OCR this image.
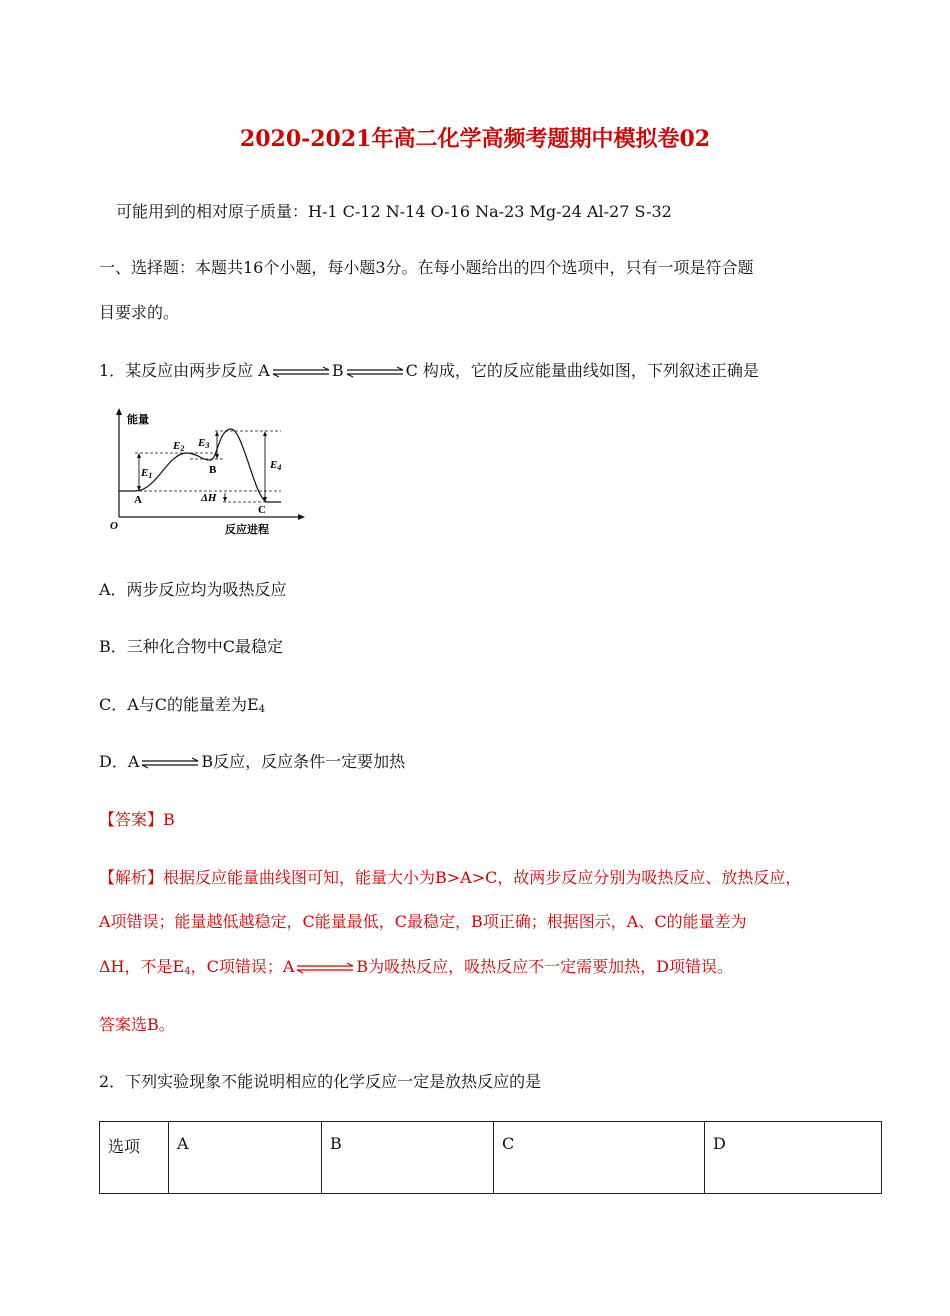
2020-2021年高二化学高频考题期中模拟卷02
可能用到的相对原子质量：H-1 C-12 N-14 O-16 Na-23 Mg-24 Al-27 S-32
一、选择题：本题共16个小题，每小题3分。在每小题给出的四个选项中，只有一项是符合题
目要求的。
1．某反应由两步反应 A⇌B⇌C 构成，它的反应能量曲线如图，下列叙述正确是
能量
反应进程
O
A
B
C
E1
E2 E3
E4
ΔH
A．两步反应均为吸热反应
B．三种化合物中C最稳定
C．A与C的能量差为$E_4$
D．A⇌B反应，反应条件一定要加热
【答案】B
【解析】根据反应能量曲线图可知，能量大小为B>A>C，故两步反应分别为吸热反应、放热反应，
A项错误；能量越低越稳定，C能量最低，C最稳定，B项正确；根据图示，A、C的能量差为
ΔH，不是$E_4$，C项错误；A⇌B为吸热反应，吸热反应不一定需要加热，D项错误。
答案选B。
2．下列实验现象不能说明相应的化学反应一定是放热反应的是
选项	A	B	C	D
